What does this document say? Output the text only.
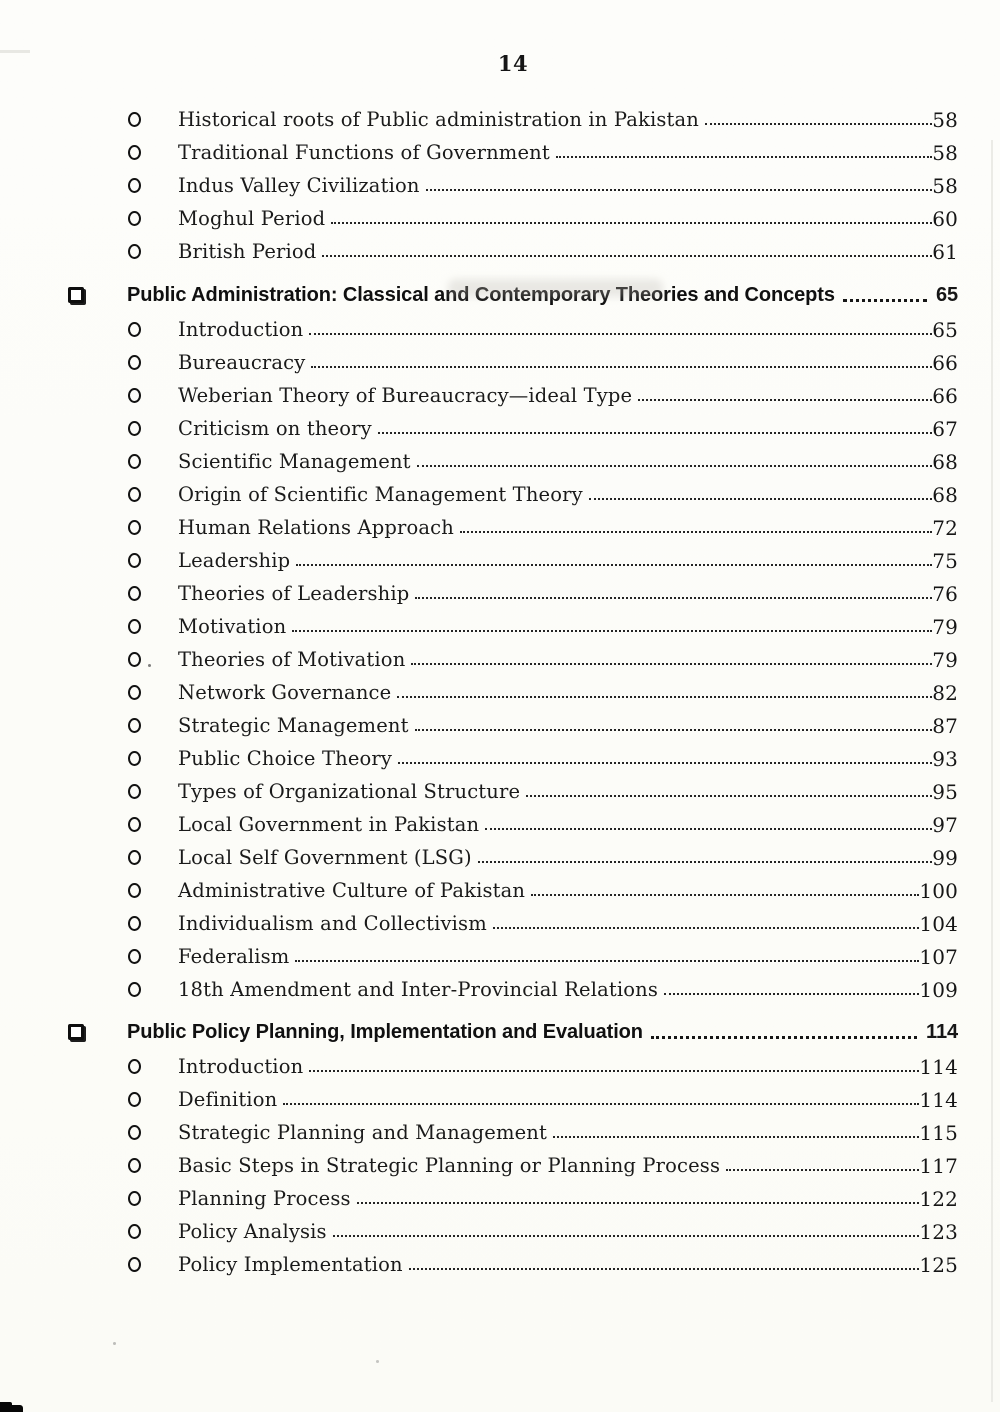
14
Historical roots of Public administration in Pakistan	58
Traditional Functions of Government	58
Indus Valley Civilization	58
Moghul Period	60
British Period	61
Public Administration: Classical and Contemporary Theories and Concepts	65
Introduction	65
Bureaucracy	66
Weberian Theory of Bureaucracy—ideal Type	66
Criticism on theory	67
Scientific Management	68
Origin of Scientific Management Theory	68
Human Relations Approach	72
Leadership	75
Theories of Leadership	76
Motivation	79
Theories of Motivation	79
Network Governance	82
Strategic Management	87
Public Choice Theory	93
Types of Organizational Structure	95
Local Government in Pakistan	97
Local Self Government (LSG)	99
Administrative Culture of Pakistan	100
Individualism and Collectivism	104
Federalism	107
18th Amendment and Inter-Provincial Relations	109
Public Policy Planning, Implementation and Evaluation	114
Introduction	114
Definition	114
Strategic Planning and Management	115
Basic Steps in Strategic Planning or Planning Process	117
Planning Process	122
Policy Analysis	123
Policy Implementation	125
